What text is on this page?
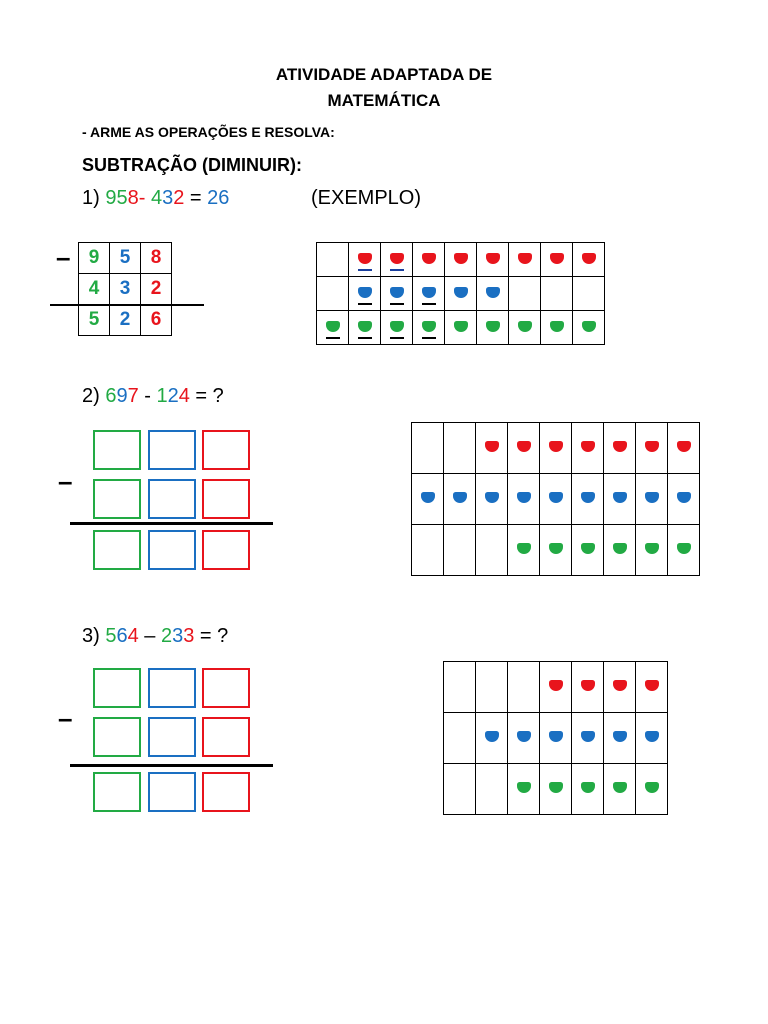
ATIVIDADE ADAPTADA DE
MATEMÁTICA
- ARME AS OPERAÇÕES E RESOLVA:
SUBTRAÇÃO (DIMINUIR):
1) 958- 432 = 26	(EXEMPLO)
– 9	5	8
4	3	2
5	2	6

2) 697 - 124 = ?
–

3) 564 – 233 = ?
–
